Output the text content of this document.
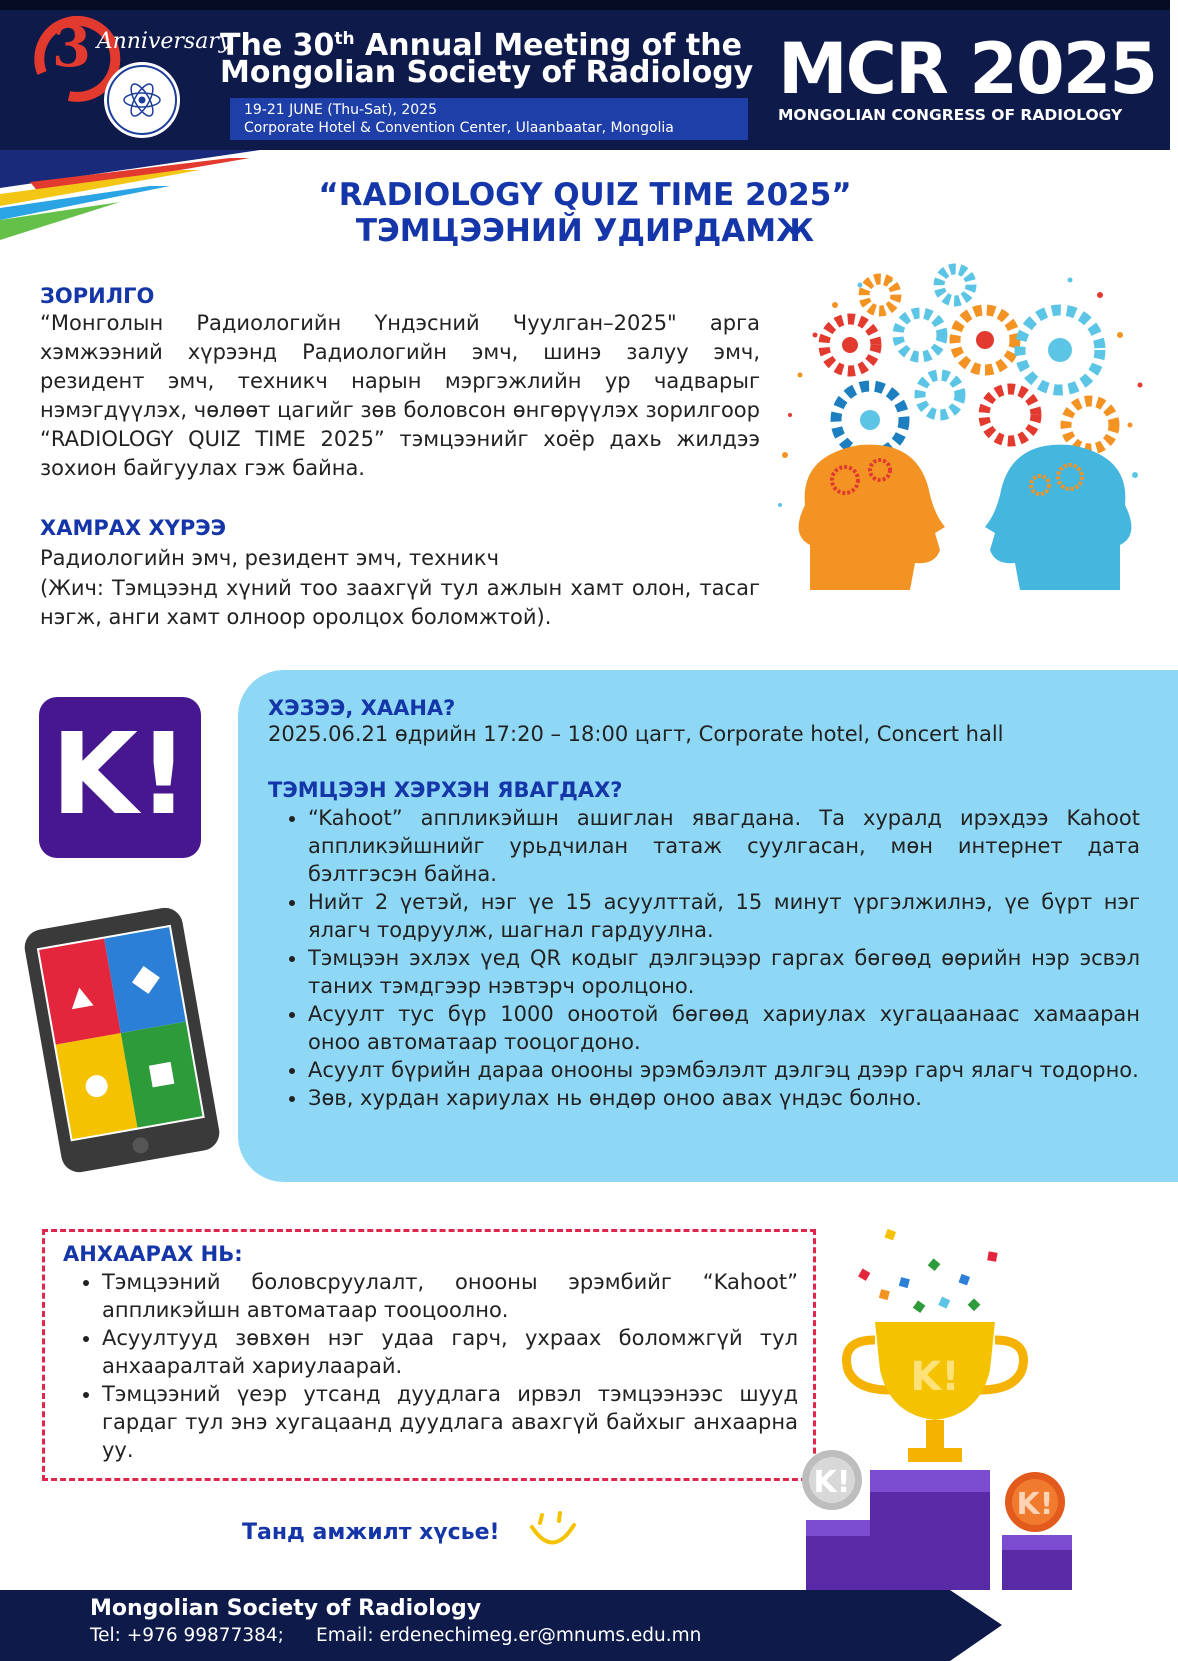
3 Anniversary
The 30th Annual Meeting of the
Mongolian Society of Radiology
19-21 JUNE (Thu-Sat), 2025
Corporate Hotel & Convention Center, Ulaanbaatar, Mongolia
MCR 2025
MONGOLIAN CONGRESS OF RADIOLOGY
“RADIOLOGY QUIZ TIME 2025”
ТЭМЦЭЭНИЙ УДИРДАМЖ
ЗОРИЛГО
“Монголын Радиологийн Үндэсний Чуулган–2025" арга хэмжээний хүрээнд Радиологийн эмч, шинэ залуу эмч, резидент эмч, техникч нарын мэргэжлийн ур чадварыг нэмэгдүүлэх, чөлөөт цагийг зөв боловсон өнгөрүүлэх зорилгоор “RADIOLOGY QUIZ TIME 2025” тэмцээнийг хоёр дахь жилдээ зохион байгуулах гэж байна.
ХАМРАХ ХҮРЭЭ
Радиологийн эмч, резидент эмч, техникч
(Жич: Тэмцээнд хүний тоо заахгүй тул ажлын хамт олон, тасаг нэгж, анги хамт олноор оролцох боломжтой).
ХЭЗЭЭ, ХААНА?
2025.06.21 өдрийн 17:20 – 18:00 цагт, Corporate hotel, Concert hall
ТЭМЦЭЭН ХЭРХЭН ЯВАГДАХ?
• “Kahoot” аппликэйшн ашиглан явагдана. Та хуралд ирэхдээ Kahoot аппликэйшнийг урьдчилан татаж суулгасан, мөн интернет дата бэлтгэсэн байна.
• Нийт 2 үетэй, нэг үе 15 асуулттай, 15 минут үргэлжилнэ, үе бүрт нэг ялагч тодруулж, шагнал гардуулна.
• Тэмцээн эхлэх үед QR кодыг дэлгэцээр гаргах бөгөөд өөрийн нэр эсвэл таних тэмдгээр нэвтэрч оролцоно.
• Асуулт тус бүр 1000 оноотой бөгөөд хариулах хугацаанаас хамааран оноо автоматаар тооцогдоно.
• Асуулт бүрийн дараа онооны эрэмбэлэлт дэлгэц дээр гарч ялагч тодорно.
• Зөв, хурдан хариулах нь өндөр оноо авах үндэс болно.
K!
АНХААРАХ НЬ:
• Тэмцээний боловсруулалт, онооны эрэмбийг “Kahoot” аппликэйшн автоматаар тооцоолно.
• Асуултууд зөвхөн нэг удаа гарч, ухраах боломжгүй тул анхааралтай хариулаарай.
• Тэмцээний үеэр утсанд дуудлага ирвэл тэмцээнээс шууд гардаг тул энэ хугацаанд дуудлага авахгүй байхыг анхаарна уу.
Танд амжилт хүсье!
K!
K!
K!
Mongolian Society of Radiology
Tel: +976 99877384; Email: erdenechimeg.er@mnums.edu.mn
